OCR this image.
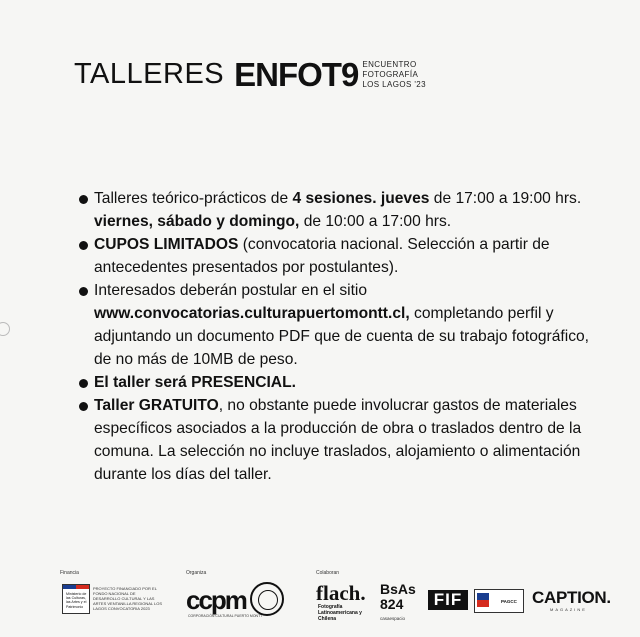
TALLERES ENFOT9 ENCUENTRO
FOTOGRAFÍA
LOS LAGOS '23
Talleres teórico-prácticos de 4 sesiones. jueves de 17:00 a 19:00 hrs. viernes, sábado y domingo, de 10:00 a 17:00 hrs.
CUPOS LIMITADOS (convocatoria nacional. Selección a partir de antecedentes presentados por postulantes).
Interesados deberán postular en el sitio www.convocatorias.culturapuertomontt.cl, completando perfil y adjuntando un documento PDF que de cuenta de su trabajo fotográfico, de no más de 10MB de peso.
El taller será PRESENCIAL.
Taller GRATUITO, no obstante puede involucrar gastos de materiales específicos asociados a la producción de obra o traslados dentro de la comuna. La selección no incluye traslados, alojamiento o alimentación durante los días del taller.
Financia	Organiza	Colaboran
Ministerio de las Culturas, las Artes y el Patrimonio
PROYECTO FINANCIADO POR EL FONDO NACIONAL DE DESARROLLO CULTURAL Y LAS ARTES VENTANILLA REGIONAL LOS LAGOS CONVOCATORIA 2023	ccpm
CORPORACIÓN CULTURAL PUERTO MONTT
flach.
Fotografía Latinoamericana y Chilena
BsAs
824
casaespacio
FIF	PAGCC CAPTION.
MAGAZINE
